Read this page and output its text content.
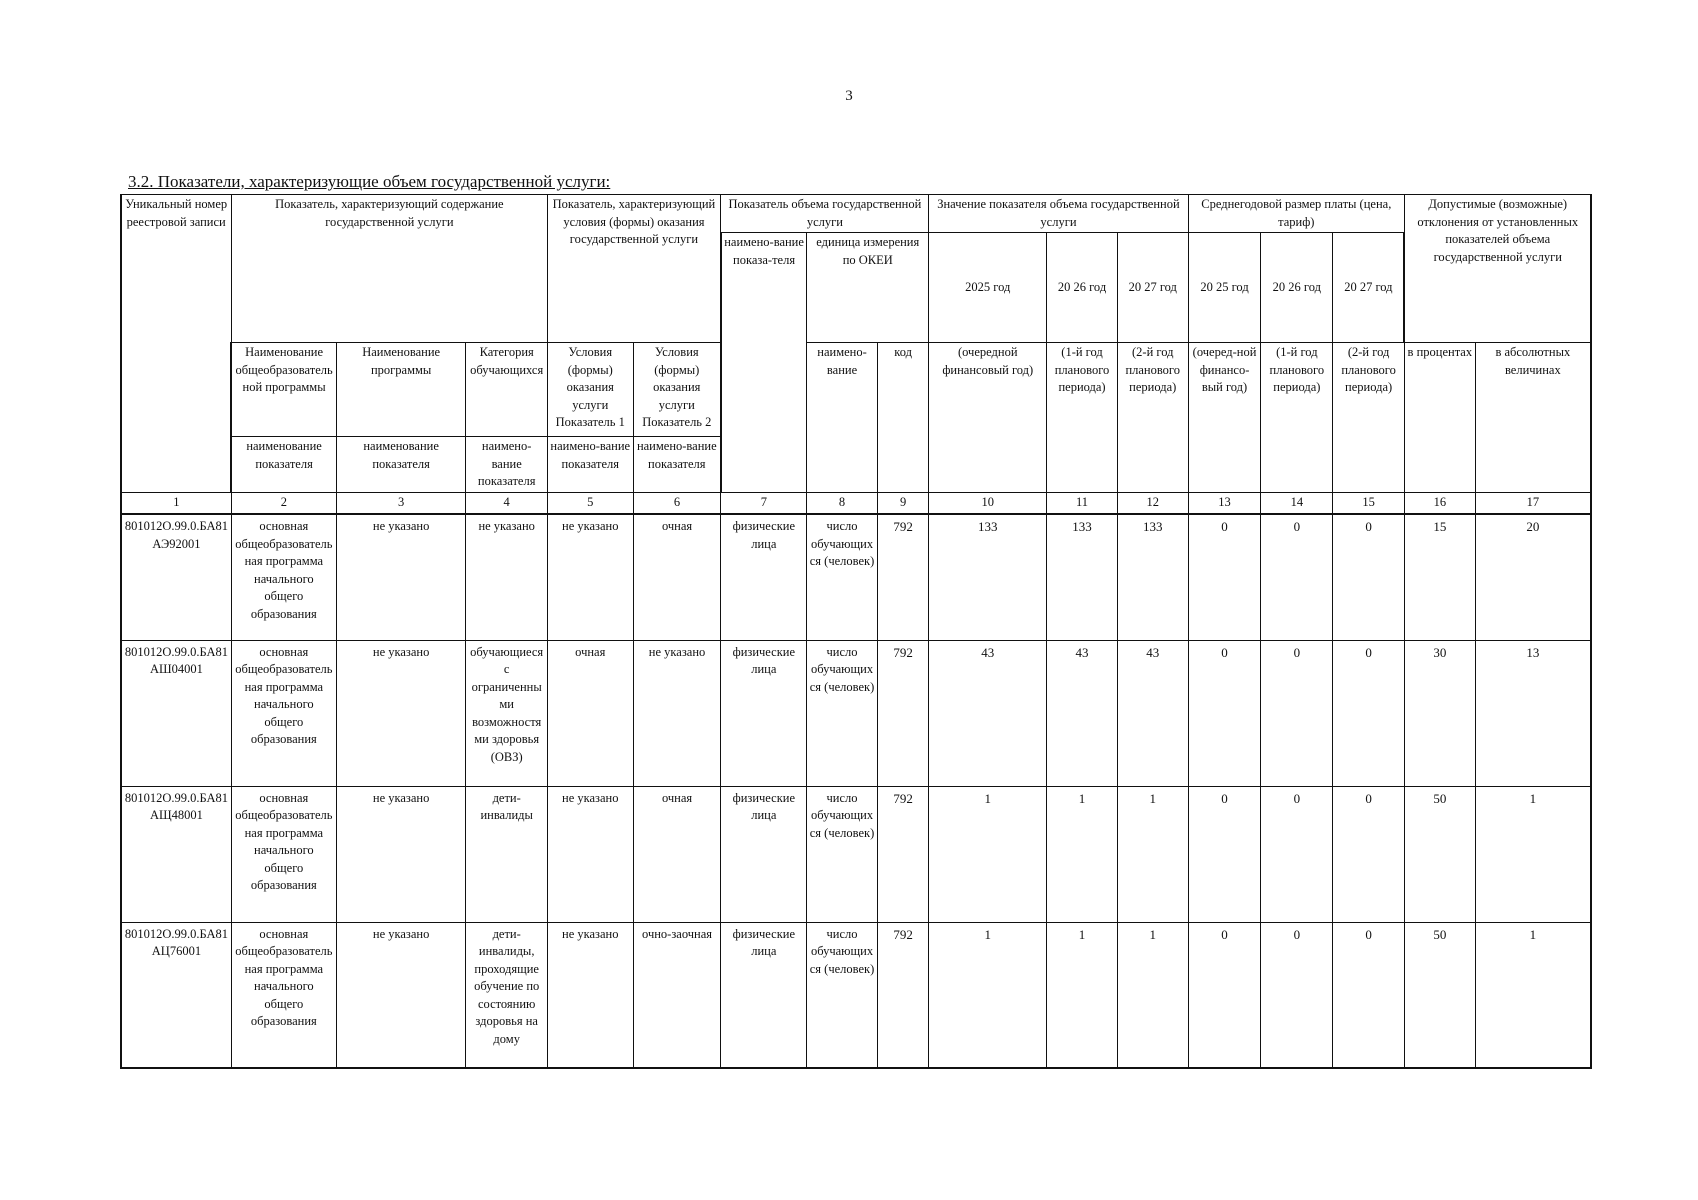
3
3.2. Показатели, характеризующие объем государственной услуги:
Уникальный номер реестровой записи	Показатель, характеризующий содержание государственной услуги			Показатель, характеризующий условия (формы) оказания государственной услуги		Показатель объема государственной услуги			Значение показателя объема государственной услуги			Среднегодовой размер платы (цена, тариф)			Допустимые (возможные) отклонения от установленных показателей объема государственной услуги	
						наимено-вание показа-теля	единица измерения по ОКЕИ		2025 год	20 26 год	20 27 год	20 25 год	20 26 год	20 27 год		
	Наименование общеобразовательной программы	Наименование программы	Категория обучающихся	Условия (формы) оказания услуги Показатель 1	Условия (формы) оказания услуги Показатель 2		наимено-вание	код	(очередной финансовый год)	(1-й год планового периода)	(2-й год планового периода)	(очеред-ной финансо-вый год)	(1-й год планового периода)	(2-й год планового периода)	в процентах	в абсолютных величинах
	наименование показателя	наименование показателя	наимено-вание показателя	наимено-вание показателя	наимено-вание показателя											
1	2	3	4	5	6	7	8	9	10	11	12	13	14	15	16	17
801012О.99.0.БА81АЭ92001	основная общеобразовательная программа начального общего образования	не указано	не указано	не указано	очная	физические лица	число обучающихся (человек)	792	133	133	133	0	0	0	15	20
801012О.99.0.БА81АШ04001	основная общеобразовательная программа начального общего образования	не указано	обучающиеся с ограниченными возможностями здоровья (ОВЗ)	очная	не указано	физические лица	число обучающихся (человек)	792	43	43	43	0	0	0	30	13
801012О.99.0.БА81АЩ48001	основная общеобразовательная программа начального общего образования	не указано	дети-инвалиды	не указано	очная	физические лица	число обучающихся (человек)	792	1	1	1	0	0	0	50	1
801012О.99.0.БА81АЦ76001	основная общеобразовательная программа начального общего образования	не указано	дети-инвалиды, проходящие обучение по состоянию здоровья на дому	не указано	очно-заочная	физические лица	число обучающихся (человек)	792	1	1	1	0	0	0	50	1
